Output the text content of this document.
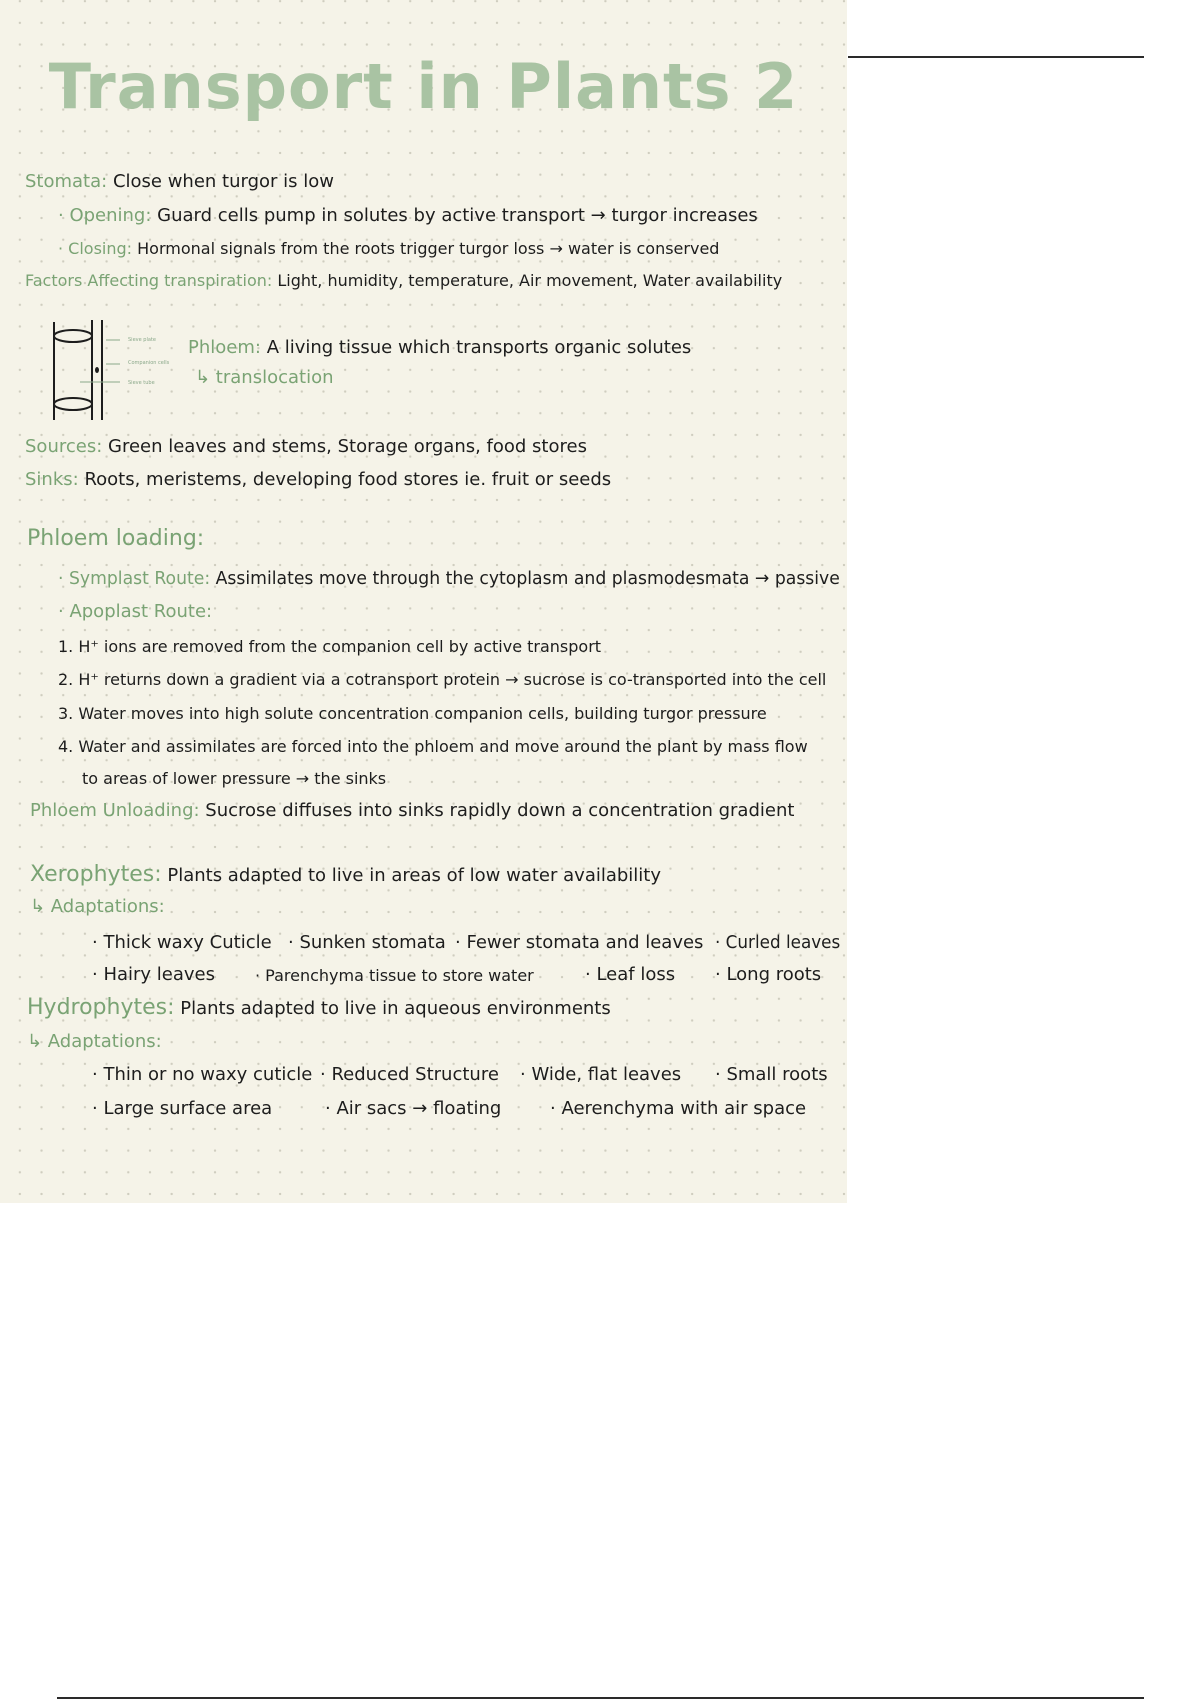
Transport in Plants 2
Stomata: Close when turgor is low
· Opening: Guard cells pump in solutes by active transport → turgor increases
· Closing: Hormonal signals from the roots trigger turgor loss → water is conserved
Factors Affecting transpiration: Light, humidity, temperature, Air movement, Water availability
Sieve plate
Companion cells
Sieve tube
Phloem: A living tissue which transports organic solutes
↳ translocation
Sources: Green leaves and stems, Storage organs, food stores
Sinks: Roots, meristems, developing food stores ie. fruit or seeds
Phloem loading:
· Symplast Route: Assimilates move through the cytoplasm and plasmodesmata → passive
· Apoplast Route:
1. H⁺ ions are removed from the companion cell by active transport
2. H⁺ returns down a gradient via a cotransport protein → sucrose is co-transported into the cell
3. Water moves into high solute concentration companion cells, building turgor pressure
4. Water and assimilates are forced into the phloem and move around the plant by mass flow
to areas of lower pressure → the sinks
Phloem Unloading: Sucrose diffuses into sinks rapidly down a concentration gradient
Xerophytes: Plants adapted to live in areas of low water availability
↳ Adaptations:
· Thick waxy Cuticle · Sunken stomata · Fewer stomata and leaves · Curled leaves
· Hairy leaves	· Parenchyma tissue to store water	· Leaf loss · Long roots
Hydrophytes: Plants adapted to live in aqueous environments
↳ Adaptations:
· Thin or no waxy cuticle · Reduced Structure · Wide, flat leaves · Small roots
· Large surface area	· Air sacs → floating	· Aerenchyma with air space
